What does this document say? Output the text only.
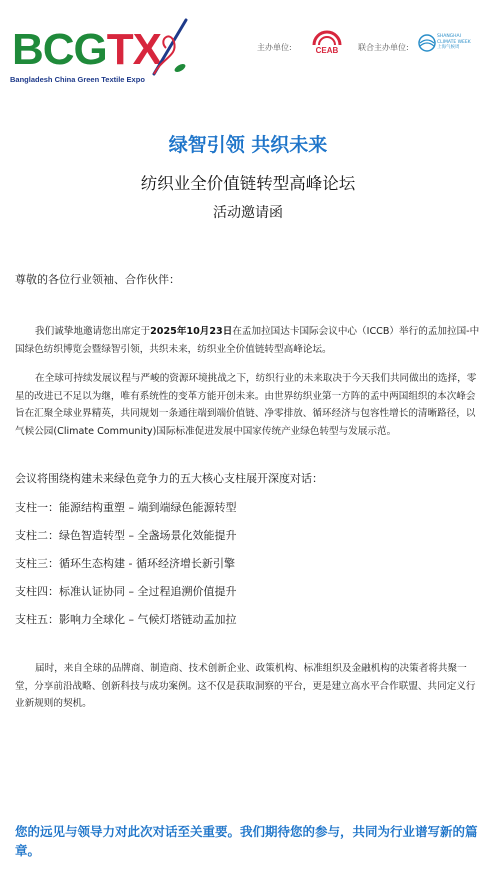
BCGTX
Bangladesh China Green Textile Expo
主办单位:	CEAB	联合主办单位:
SHANGHAI
CLIMATE WEEK
上海气候周
绿智引领 共织未来
纺织业全价值链转型高峰论坛
活动邀请函
尊敬的各位行业领袖、合作伙伴：

我们诚挚地邀请您出席定于2025年10月23日在孟加拉国达卡国际会议中心（ICCB）举行的孟加拉国-中国绿色纺织博览会暨绿智引领，共织未来，纺织业全价值链转型高峰论坛。

在全球可持续发展议程与严峻的资源环境挑战之下，纺织行业的未来取决于今天我们共同做出的选择，零星的改进已不足以为继，唯有系统性的变革方能开创未来。由世界纺织业第一方阵的孟中两国组织的本次峰会旨在汇聚全球业界精英，共同规划一条通往端到端价值链、净零排放、循环经济与包容性增长的清晰路径，以气候公园(Climate Community)国际标准促进发展中国家传统产业绿色转型与发展示范。

会议将围绕构建未来绿色竞争力的五大核心支柱展开深度对话：
支柱一：能源结构重塑 – 端到端绿色能源转型
支柱二：绿色智造转型 – 全盏场景化效能提升
支柱三：循环生态构建 - 循环经济增长新引擎
支柱四：标准认证协同 – 全过程追溯价值提升
支柱五：影响力全球化 – 气候灯塔链动孟加拉

届时，来自全球的品牌商、制造商、技术创新企业、政策机构、标准组织及金融机构的决策者将共聚一堂，分享前沿战略、创新科技与成功案例。这不仅是获取洞察的平台，更是建立高水平合作联盟、共同定义行业新规则的契机。

您的远见与领导力对此次对话至关重要。我们期待您的参与，共同为行业谱写新的篇章。
